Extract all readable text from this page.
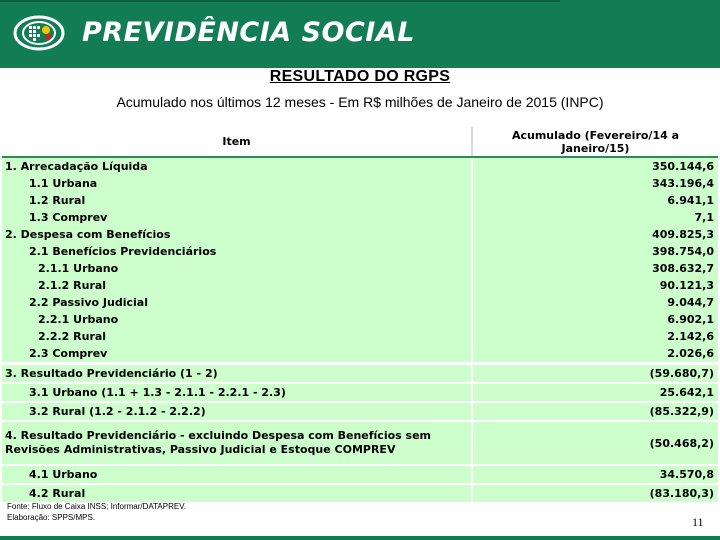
PREVIDÊNCIA SOCIAL
RESULTADO DO RGPS
Acumulado nos últimos 12 meses - Em R$ milhões de Janeiro de 2015 (INPC)
Item	Acumulado (Fevereiro/14 a
Janeiro/15)
1. Arrecadação Líquida	350.144,6
1.1 Urbana	343.196,4
1.2 Rural	6.941,1
1.3 Comprev	7,1
2. Despesa com Benefícios	409.825,3
2.1 Benefícios Previdenciários	398.754,0
2.1.1 Urbano	308.632,7
2.1.2 Rural	90.121,3
2.2 Passivo Judicial	9.044,7
2.2.1 Urbano	6.902,1
2.2.2 Rural	2.142,6
2.3 Comprev	2.026,6
3. Resultado Previdenciário (1 - 2)	(59.680,7)
3.1 Urbano (1.1 + 1.3 - 2.1.1 - 2.2.1 - 2.3)	25.642,1
3.2 Rural (1.2 - 2.1.2 - 2.2.2)	(85.322,9)
4. Resultado Previdenciário - excluindo Despesa com Benefícios sem Revisões Administrativas, Passivo Judicial e Estoque COMPREV	(50.468,2)
4.1 Urbano	34.570,8
4.2 Rural	(83.180,3)
Fonte: Fluxo de Caixa INSS; Informar/DATAPREV.
Elaboração: SPPS/MPS.	11
